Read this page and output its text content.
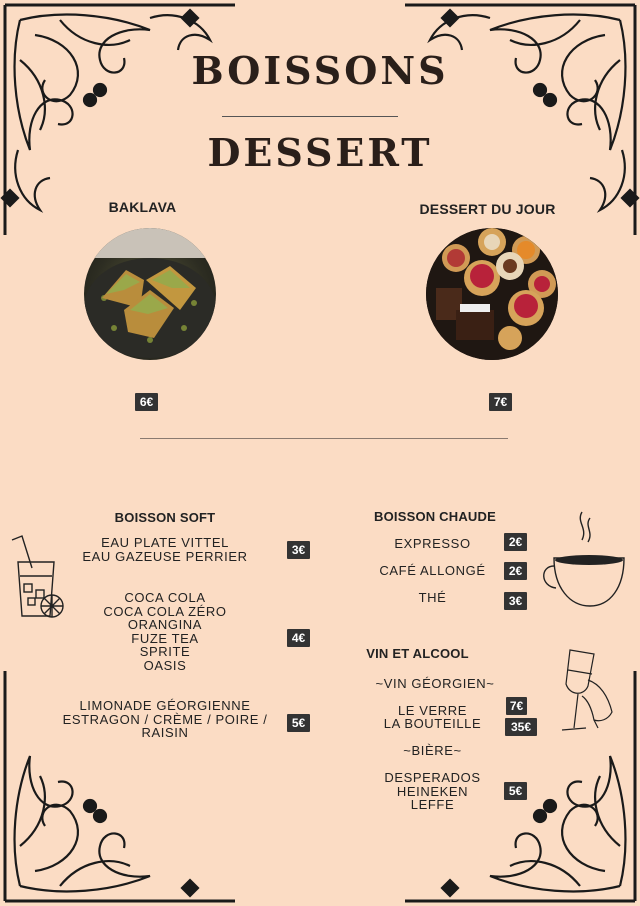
BOISSONS
DESSERT
BAKLAVA	DESSERT DU JOUR
6€	7€
BOISSON SOFT
EAU PLATE VITTEL
EAU GAZEUSE PERRIER	3€
COCA COLA
COCA COLA ZÉRO
ORANGINA
FUZE TEA
SPRITE
OASIS
4€
LIMONADE GÉORGIENNE
ESTRAGON / CRÈME / POIRE /
RAISIN
5€
BOISSON CHAUDE
EXPRESSO	2€
CAFÉ ALLONGÉ	2€
THÉ	3€
VIN ET ALCOOL
~VIN GÉORGIEN~
LE VERRE	7€
LA BOUTEILLE	35€
~BIÈRE~
DESPERADOS
HEINEKEN
LEFFE
5€
